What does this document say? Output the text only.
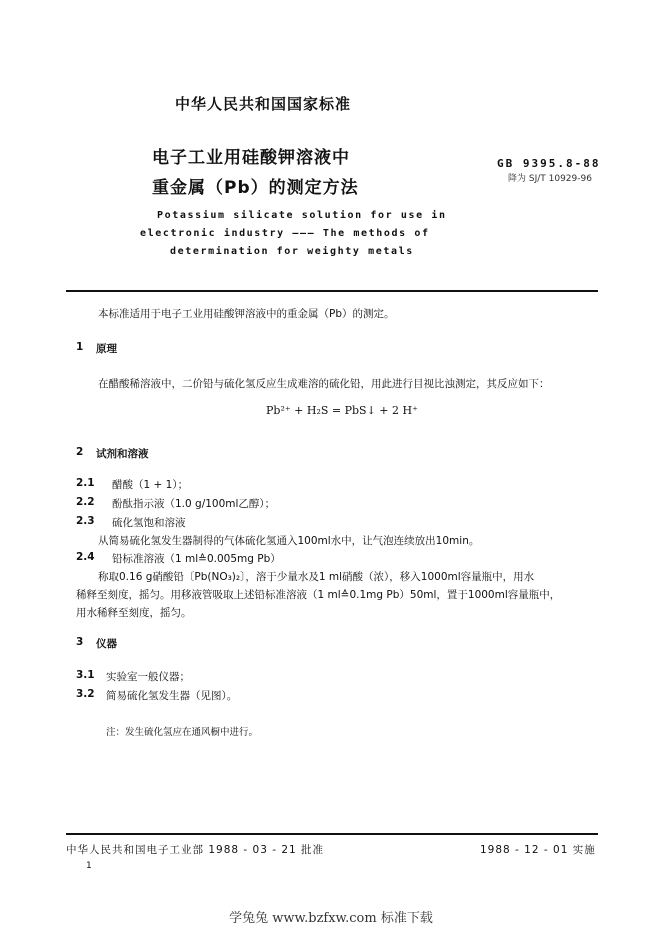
中华人民共和国国家标准
电子工业用硅酸钾溶液中
重金属（Pb）的测定方法
GB 9395.8-88
降为 SJ/T 10929-96
Potassium silicate solution for use in
electronic industry ——— The methods of
determination for weighty metals
本标准适用于电子工业用硅酸钾溶液中的重金属（Pb）的测定。
1 原理
在醋酸稀溶液中，二价铅与硫化氢反应生成难溶的硫化铅，用此进行目视比浊测定，其反应如下：
Pb²⁺ + H₂S = PbS↓ + 2 H⁺
2 试剂和溶液
2.1 醋酸（1 + 1）；
2.2 酚酞指示液（1.0 g/100ml乙醇）；
2.3 硫化氢饱和溶液
从简易硫化氢发生器制得的气体硫化氢通入100ml水中，让气泡连续放出10min。
2.4 铅标准溶液（1 ml≙0.005mg Pb）
称取0.16 g硝酸铅〔Pb(NO₃)₂〕，溶于少量水及1 ml硝酸（浓），移入1000ml容量瓶中，用水
稀释至刻度，摇匀。用移液管吸取上述铅标准溶液（1 ml≙0.1mg Pb）50ml，置于1000ml容量瓶中，
用水稀释至刻度，摇匀。
3 仪器
3.1 实验室一般仪器；
3.2 简易硫化氢发生器（见图）。
注：发生硫化氢应在通风橱中进行。
中华人民共和国电子工业部 1988 - 03 - 21 批准	1988 - 12 - 01 实施
1
学兔兔 www.bzfxw.com 标准下载
